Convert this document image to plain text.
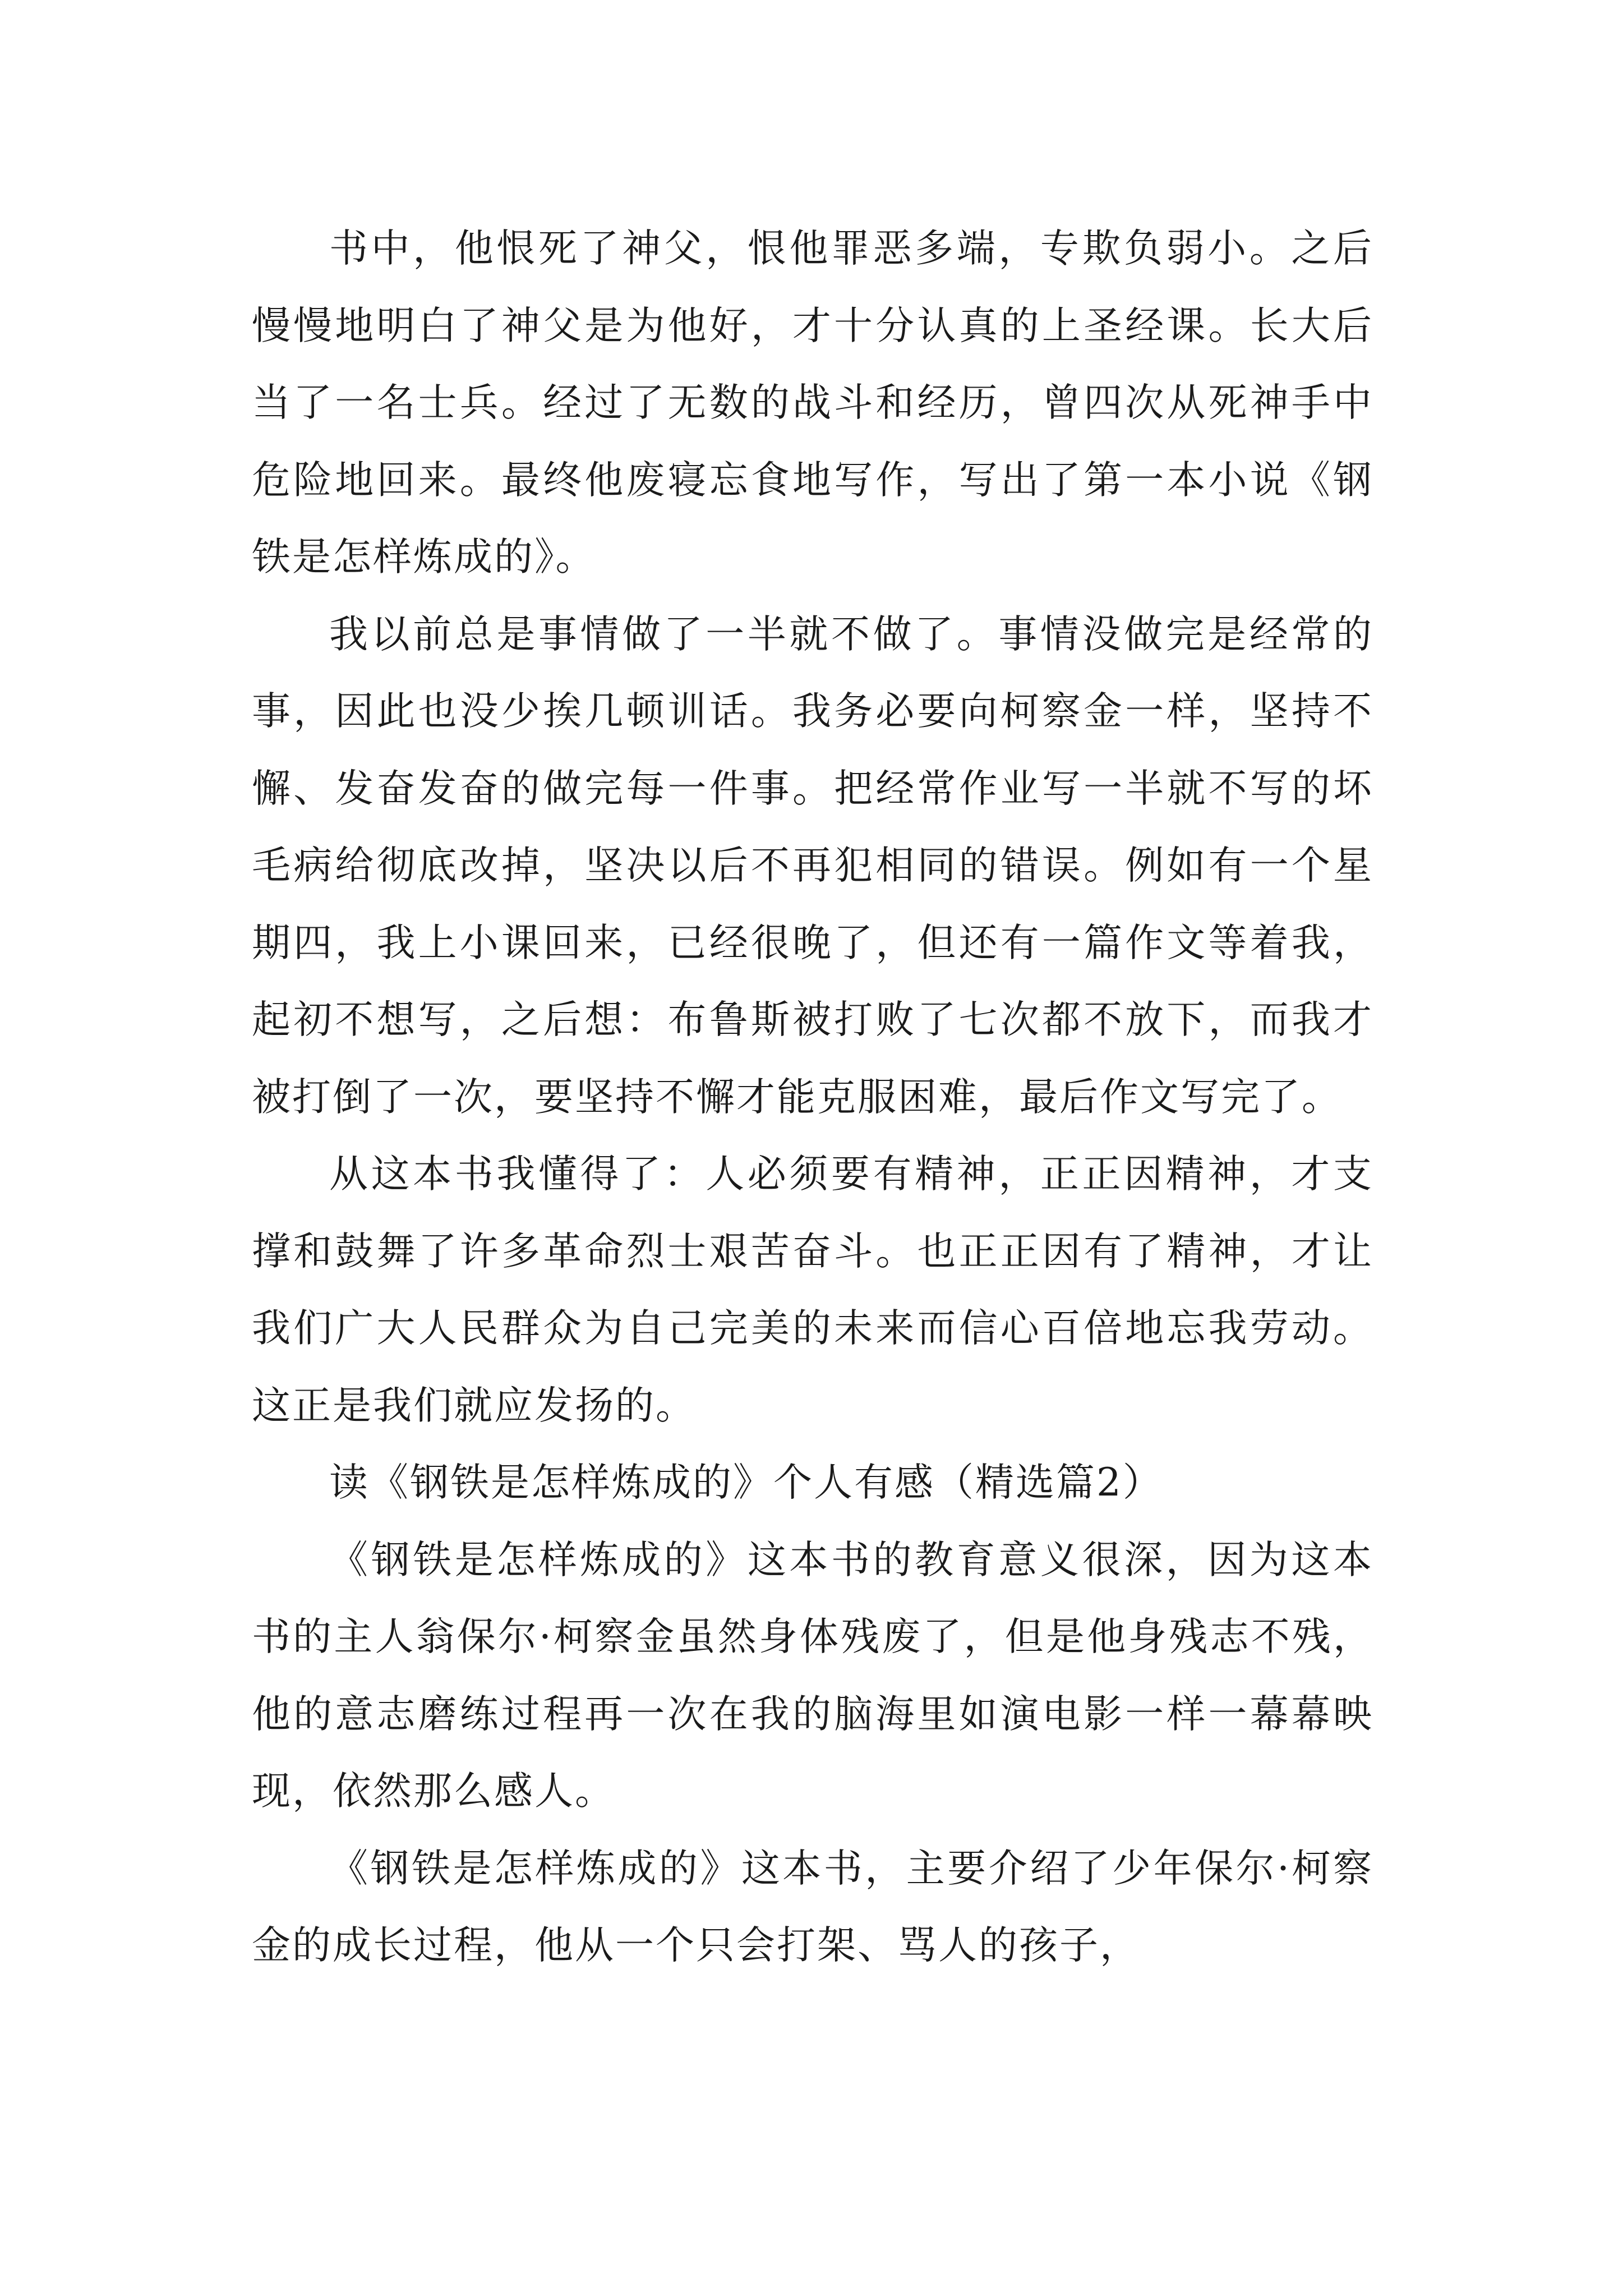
书中，他恨死了神父，恨他罪恶多端，专欺负弱小。之后慢慢地明白了神父是为他好，才十分认真的上圣经课。长大后当了一名士兵。经过了无数的战斗和经历，曾四次从死神手中危险地回来。最终他废寝忘食地写作，写出了第一本小说《钢铁是怎样炼成的》。

我以前总是事情做了一半就不做了。事情没做完是经常的事，因此也没少挨几顿训话。我务必要向柯察金一样，坚持不懈、发奋发奋的做完每一件事。把经常作业写一半就不写的坏毛病给彻底改掉，坚决以后不再犯相同的错误。例如有一个星期四，我上小课回来，已经很晚了，但还有一篇作文等着我，起初不想写，之后想：布鲁斯被打败了七次都不放下，而我才被打倒了一次，要坚持不懈才能克服困难，最后作文写完了。

从这本书我懂得了：人必须要有精神，正正因精神，才支撑和鼓舞了许多革命烈士艰苦奋斗。也正正因有了精神，才让我们广大人民群众为自己完美的未来而信心百倍地忘我劳动。这正是我们就应发扬的。

读《钢铁是怎样炼成的》个人有感（精选篇2）

《钢铁是怎样炼成的》这本书的教育意义很深，因为这本书的主人翁保尔·柯察金虽然身体残废了，但是他身残志不残，他的意志磨练过程再一次在我的脑海里如演电影一样一幕幕映现，依然那么感人。

《钢铁是怎样炼成的》这本书，主要介绍了少年保尔·柯察金的成长过程，他从一个只会打架、骂人的孩子，
